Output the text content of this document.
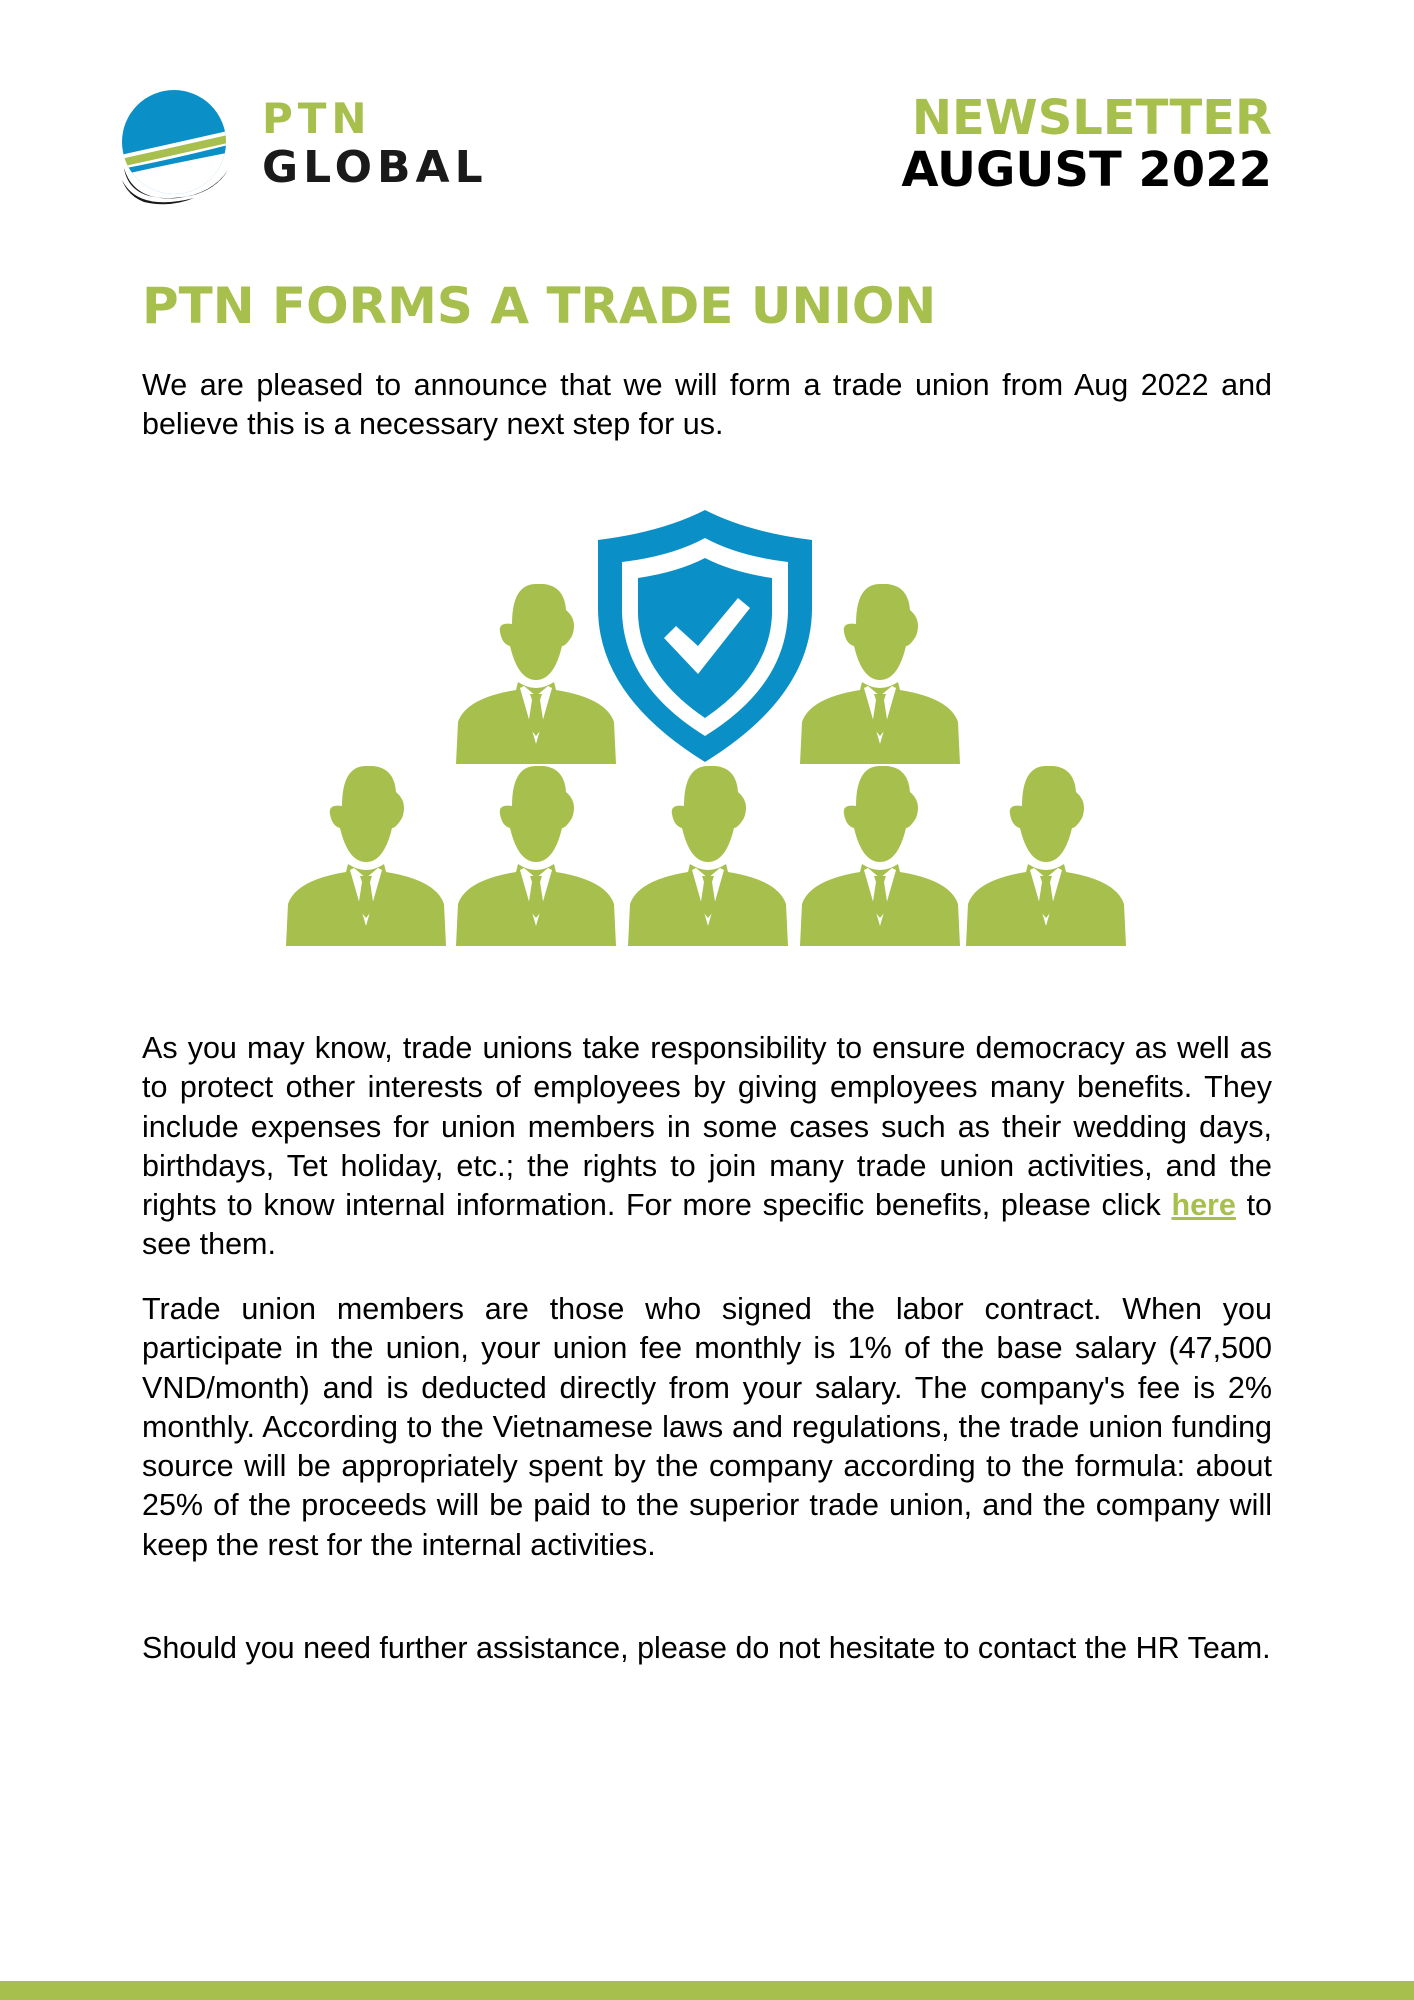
PTN
GLOBAL
NEWSLETTER
AUGUST 2022
PTN FORMS A TRADE UNION

We are pleased to announce that we will form a trade union from Aug 2022 and believe this is a necessary next step for us.

As you may know, trade unions take responsibility to ensure democracy as well as to protect other interests of employees by giving employees many benefits. They include expenses for union members in some cases such as their wedding days, birthdays, Tet holiday, etc.; the rights to join many trade union activities, and the rights to know internal information. For more specific benefits, please click here to see them.

Trade union members are those who signed the labor contract. When you participate in the union, your union fee monthly is 1% of the base salary (47,500 VND/month) and is deducted directly from your salary. The company's fee is 2% monthly. According to the Vietnamese laws and regulations, the trade union funding source will be appropriately spent by the company according to the formula: about 25% of the proceeds will be paid to the superior trade union, and the company will keep the rest for the internal activities.

Should you need further assistance, please do not hesitate to contact the HR Team.
